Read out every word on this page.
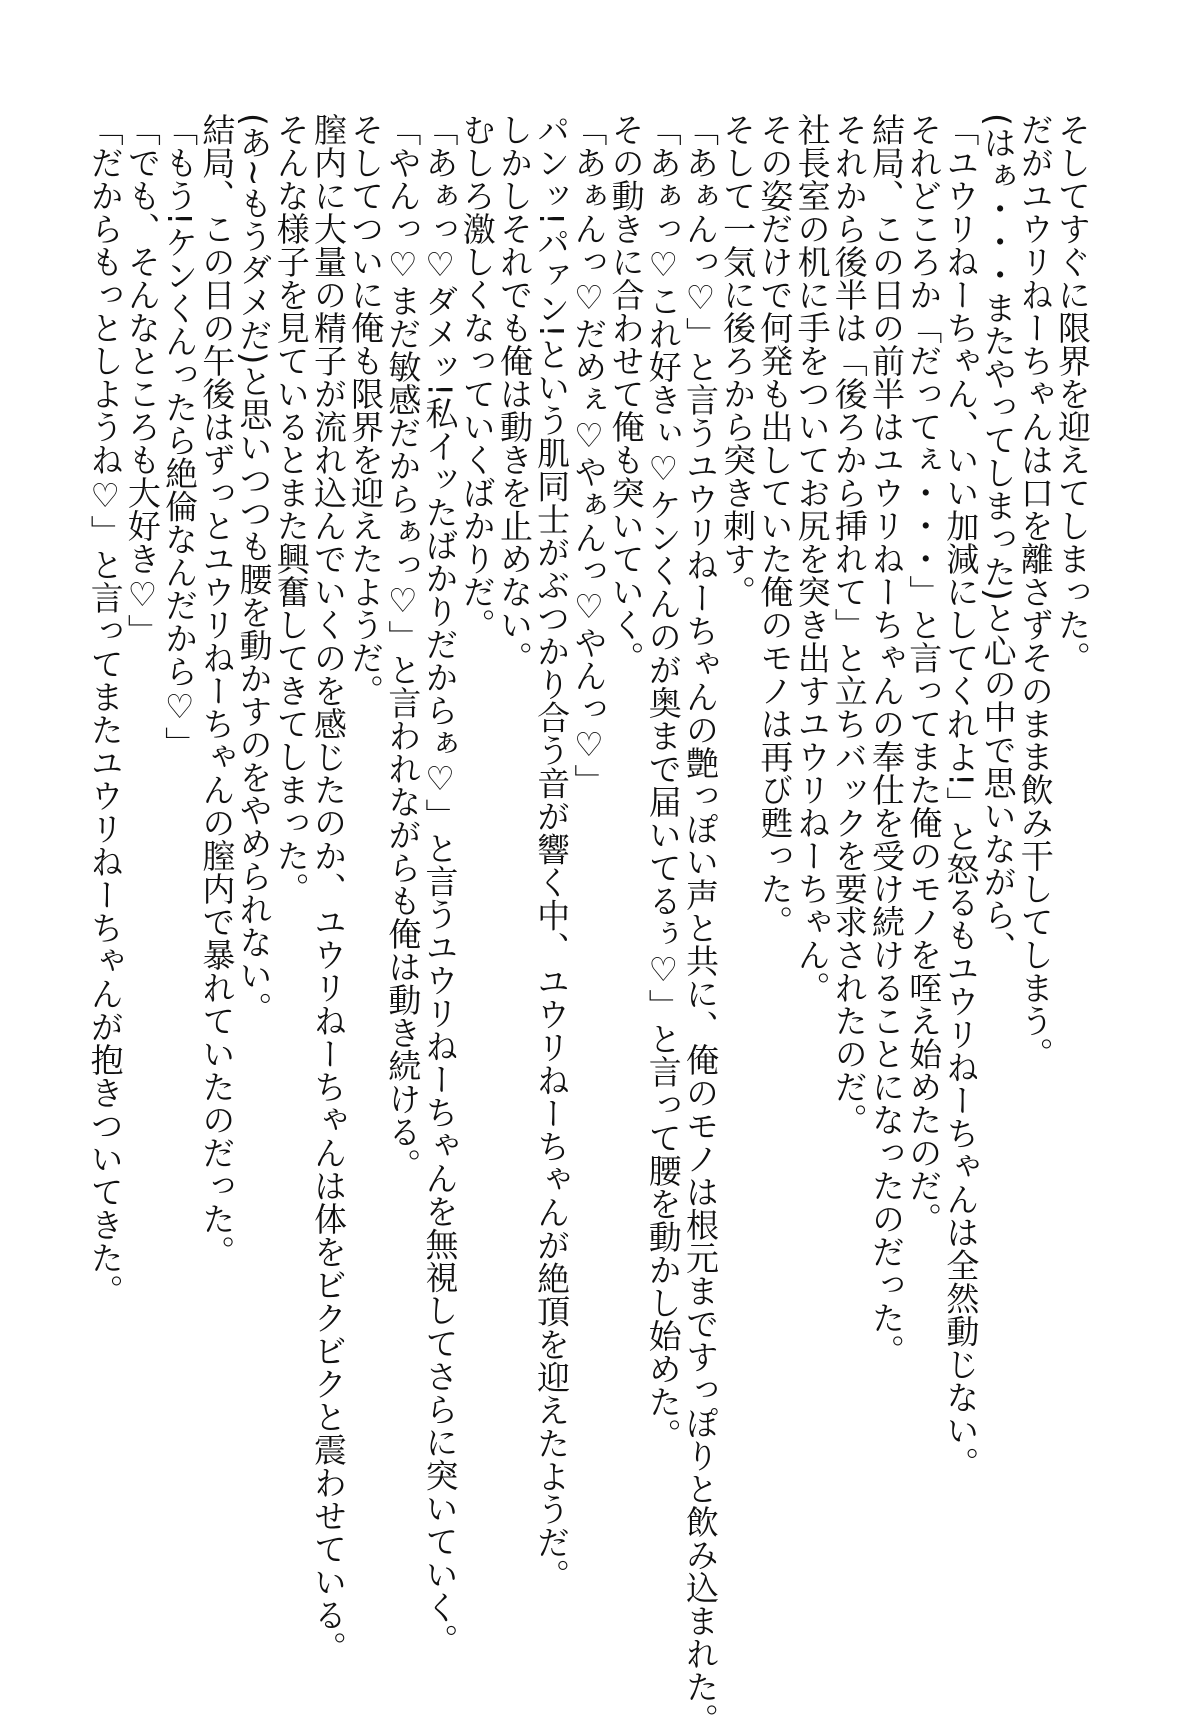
そしてすぐに限界を迎えてしまった。
だがユウリねーちゃんは口を離さずそのまま飲み干してしまう。
(はぁ・・・またやってしまった)と心の中で思いながら、
「ユウリねーちゃん、いい加減にしてくれよ!」と怒るもユウリねーちゃんは全然動じない。
それどころか「だってぇ・・・」と言ってまた俺のモノを咥え始めたのだ。
結局、この日の前半はユウリねーちゃんの奉仕を受け続けることになったのだった。
それから後半は「後ろから挿れて」と立ちバックを要求されたのだ。
社長室の机に手をついてお尻を突き出すユウリねーちゃん。
その姿だけで何発も出していた俺のモノは再び甦った。
そして一気に後ろから突き刺す。
「あぁんっ♡」と言うユウリねーちゃんの艶っぽい声と共に、俺のモノは根元まですっぽりと飲み込まれた。
「あぁっ♡これ好きぃ♡ケンくんのが奥まで届いてるぅ♡」と言って腰を動かし始めた。
その動きに合わせて俺も突いていく。
「あぁんっ♡だめぇ♡やぁんっ♡やんっ♡」
パンッ!パァン!という肌同士がぶつかり合う音が響く中、ユウリねーちゃんが絶頂を迎えたようだ。
しかしそれでも俺は動きを止めない。
むしろ激しくなっていくばかりだ。
「あぁっ♡ダメッ!私イッたばかりだからぁ♡」と言うユウリねーちゃんを無視してさらに突いていく。
「やんっ♡まだ敏感だからぁっ♡」と言われながらも俺は動き続ける。
そしてついに俺も限界を迎えたようだ。
膣内に大量の精子が流れ込んでいくのを感じたのか、ユウリねーちゃんは体をビクビクと震わせている。
そんな様子を見ているとまた興奮してきてしまった。
(あ~もうダメだ)と思いつつも腰を動かすのをやめられない。
結局、この日の午後はずっとユウリねーちゃんの膣内で暴れていたのだった。
「もう!ケンくんったら絶倫なんだから♡」
「でも、そんなところも大好き♡」
「だからもっとしようね♡」と言ってまたユウリねーちゃんが抱きついてきた。
